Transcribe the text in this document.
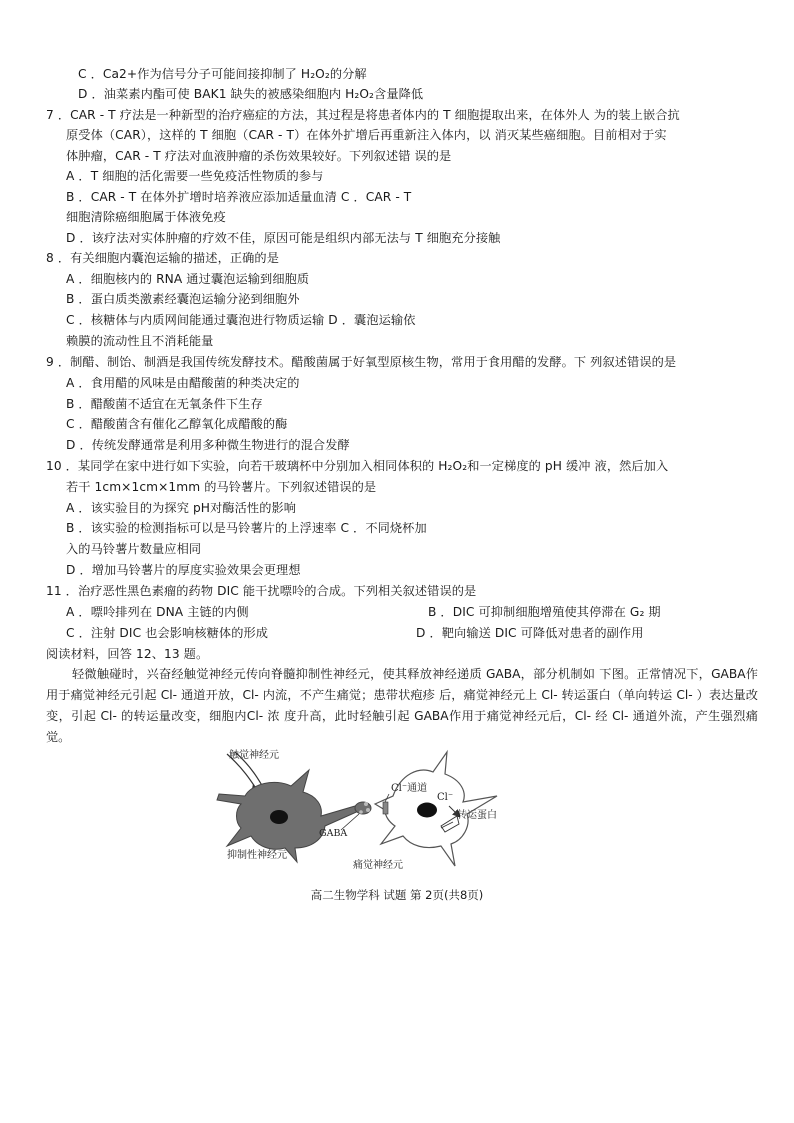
C ．Ca2+作为信号分子可能间接抑制了 H₂O₂的分解
D ．油菜素内酯可使 BAK1 缺失的被感染细胞内 H₂O₂含量降低
7 ．CAR - T 疗法是一种新型的治疗癌症的方法，其过程是将患者体内的 T 细胞提取出来，在体外人 为的装上嵌合抗
原受体（CAR），这样的 T 细胞（CAR - T）在体外扩增后再重新注入体内，以 消灭某些癌细胞。目前相对于实
体肿瘤，CAR - T 疗法对血液肿瘤的杀伤效果较好。下列叙述错 误的是
A ．T 细胞的活化需要一些免疫活性物质的参与
B ．CAR - T 在体外扩增时培养液应添加适量血清 C ．CAR - T
细胞清除癌细胞属于体液免疫
D ．该疗法对实体肿瘤的疗效不佳，原因可能是组织内部无法与 T 细胞充分接触
8 ．有关细胞内囊泡运输的描述，正确的是
A ．细胞核内的 RNA 通过囊泡运输到细胞质
B ．蛋白质类激素经囊泡运输分泌到细胞外
C ．核糖体与内质网间能通过囊泡进行物质运输 D ．囊泡运输依
赖膜的流动性且不消耗能量
9 ．制醋、制饴、制酒是我国传统发酵技术。醋酸菌属于好氧型原核生物，常用于食用醋的发酵。下 列叙述错误的是
A ．食用醋的风味是由醋酸菌的种类决定的
B ．醋酸菌不适宜在无氧条件下生存
C ．醋酸菌含有催化乙醇氧化成醋酸的酶
D ．传统发酵通常是利用多种微生物进行的混合发酵
10 ．某同学在家中进行如下实验，向若干玻璃杯中分别加入相同体积的 H₂O₂和一定梯度的 pH 缓冲 液，然后加入
若干 1cm×1cm×1mm 的马铃薯片。下列叙述错误的是
A ．该实验目的为探究 pH对酶活性的影响
B ．该实验的检测指标可以是马铃薯片的上浮速率 C ．不同烧杯加
入的马铃薯片数量应相同
D ．增加马铃薯片的厚度实验效果会更理想
11 ．治疗恶性黑色素瘤的药物 DIC 能干扰嘌呤的合成。下列相关叙述错误的是
A ．嘌呤排列在 DNA 主链的内侧	B ．DIC 可抑制细胞增殖使其停滞在 G₂ 期
C ．注射 DIC 也会影响核糖体的形成	D ．靶向输送 DIC 可降低对患者的副作用
阅读材料，回答 12、13 题。
轻微触碰时，兴奋经触觉神经元传向脊髓抑制性神经元，使其释放神经递质 GABA，部分机制如 下图。正常情况下，GABA作用于痛觉神经元引起 Cl- 通道开放，Cl- 内流，不产生痛觉；患带状疱疹 后，痛觉神经元上 Cl- 转运蛋白（单向转运 Cl- ）表达量改变，引起 Cl- 的转运量改变，细胞内Cl- 浓 度升高，此时轻触引起 GABA作用于痛觉神经元后，Cl- 经 Cl- 通道外流，产生强烈痛觉。
Cl⁻通道
Cl⁻
转运蛋白
触觉神经元
GABA
抑制性神经元
痛觉神经元
高二生物学科 试题 第 2页(共8页)
